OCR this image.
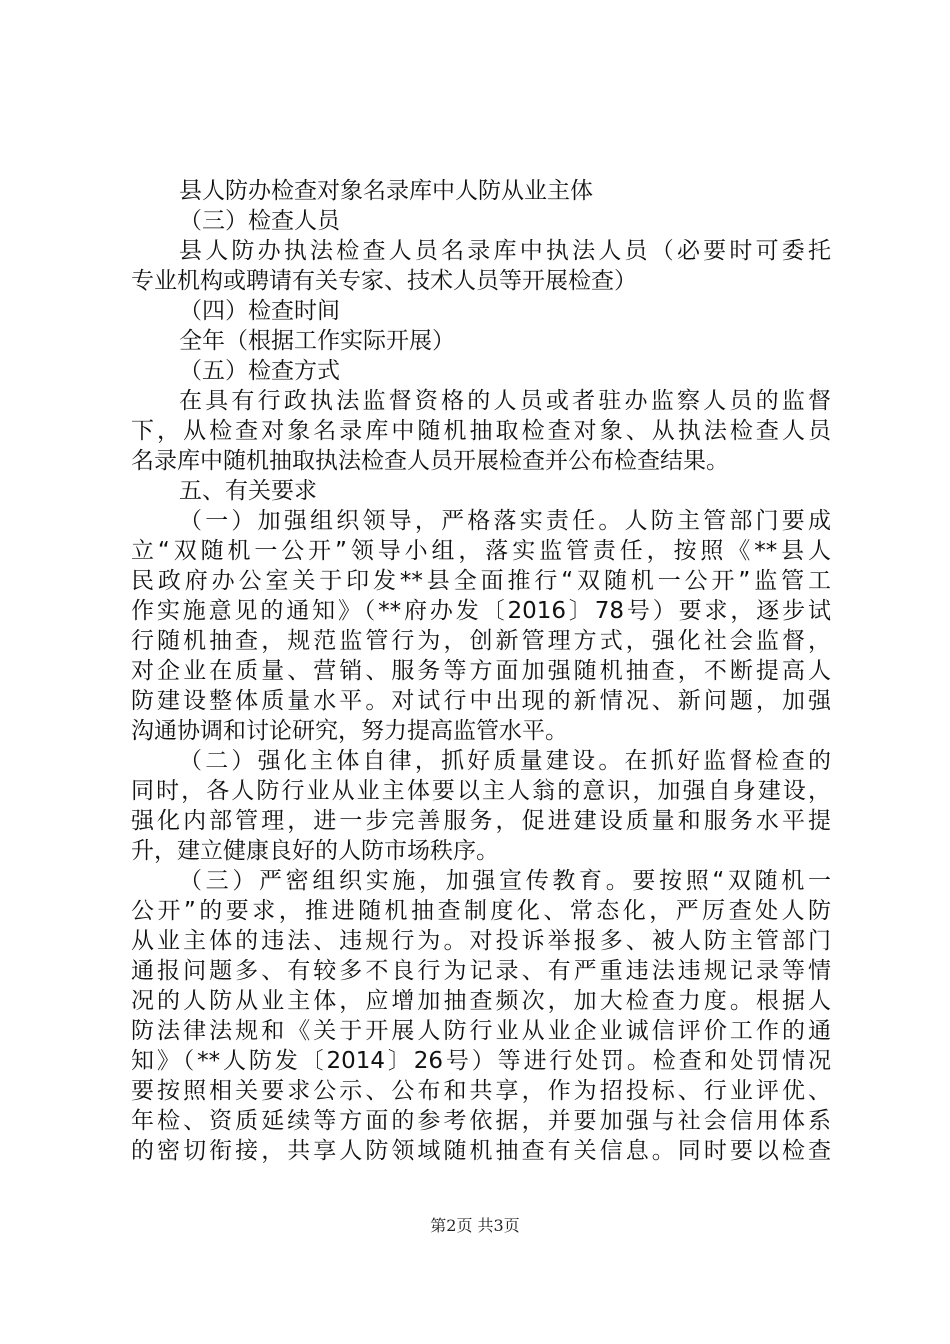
县人防办检查对象名录库中人防从业主体
（三）检查人员
县人防办执法检查人员名录库中执法人员（必要时可委托
专业机构或聘请有关专家、技术人员等开展检查）
（四）检查时间
全年（根据工作实际开展）
（五）检查方式
在具有行政执法监督资格的人员或者驻办监察人员的监督
下，从检查对象名录库中随机抽取检查对象、从执法检查人员
名录库中随机抽取执法检查人员开展检查并公布检查结果。
五、有关要求
（一）加强组织领导，严格落实责任。人防主管部门要成
立“双随机一公开”领导小组，落实监管责任，按照《**县人
民政府办公室关于印发**县全面推行“双随机一公开”监管工
作实施意见的通知》（**府办发〔2016〕78号）要求，逐步试
行随机抽查，规范监管行为，创新管理方式，强化社会监督，
对企业在质量、营销、服务等方面加强随机抽查，不断提高人
防建设整体质量水平。对试行中出现的新情况、新问题，加强
沟通协调和讨论研究，努力提高监管水平。
（二）强化主体自律，抓好质量建设。在抓好监督检查的
同时，各人防行业从业主体要以主人翁的意识，加强自身建设，
强化内部管理，进一步完善服务，促进建设质量和服务水平提
升，建立健康良好的人防市场秩序。
（三）严密组织实施，加强宣传教育。要按照“双随机一
公开”的要求，推进随机抽查制度化、常态化，严厉查处人防
从业主体的违法、违规行为。对投诉举报多、被人防主管部门
通报问题多、有较多不良行为记录、有严重违法违规记录等情
况的人防从业主体，应增加抽查频次，加大检查力度。根据人
防法律法规和《关于开展人防行业从业企业诚信评价工作的通
知》（**人防发〔2014〕26号）等进行处罚。检查和处罚情况
要按照相关要求公示、公布和共享，作为招投标、行业评优、
年检、资质延续等方面的参考依据，并要加强与社会信用体系
的密切衔接，共享人防领域随机抽查有关信息。同时要以检查
第2页 共3页
